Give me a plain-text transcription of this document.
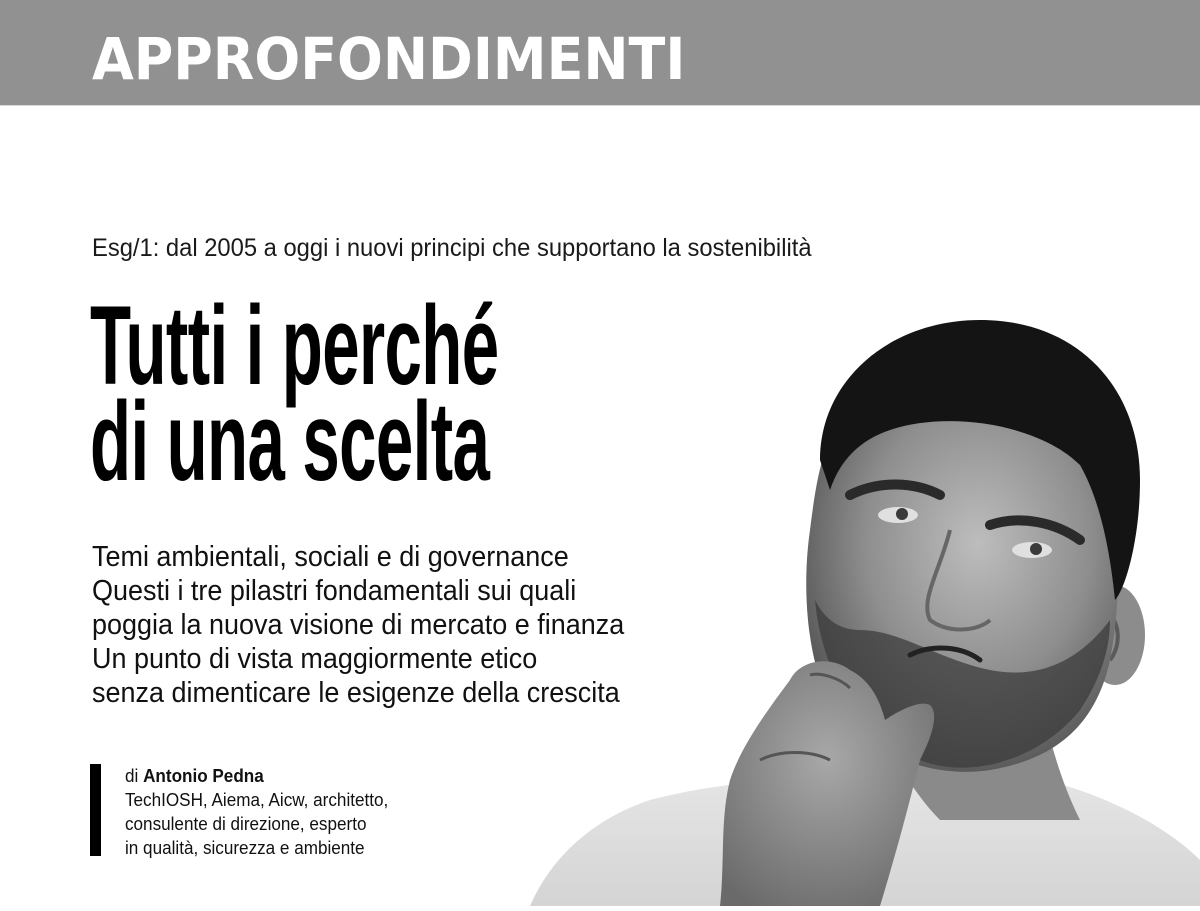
APPROFONDIMENTI
Esg/1: dal 2005 a oggi i nuovi principi che supportano la sostenibilità
Tutti i perché
di una scelta
Temi ambientali, sociali e di governance
Questi i tre pilastri fondamentali sui quali
poggia la nuova visione di mercato e finanza
Un punto di vista maggiormente etico
senza dimenticare le esigenze della crescita
di Antonio Pedna
TechIOSH, Aiema, Aicw, architetto,
consulente di direzione, esperto
in qualità, sicurezza e ambiente
